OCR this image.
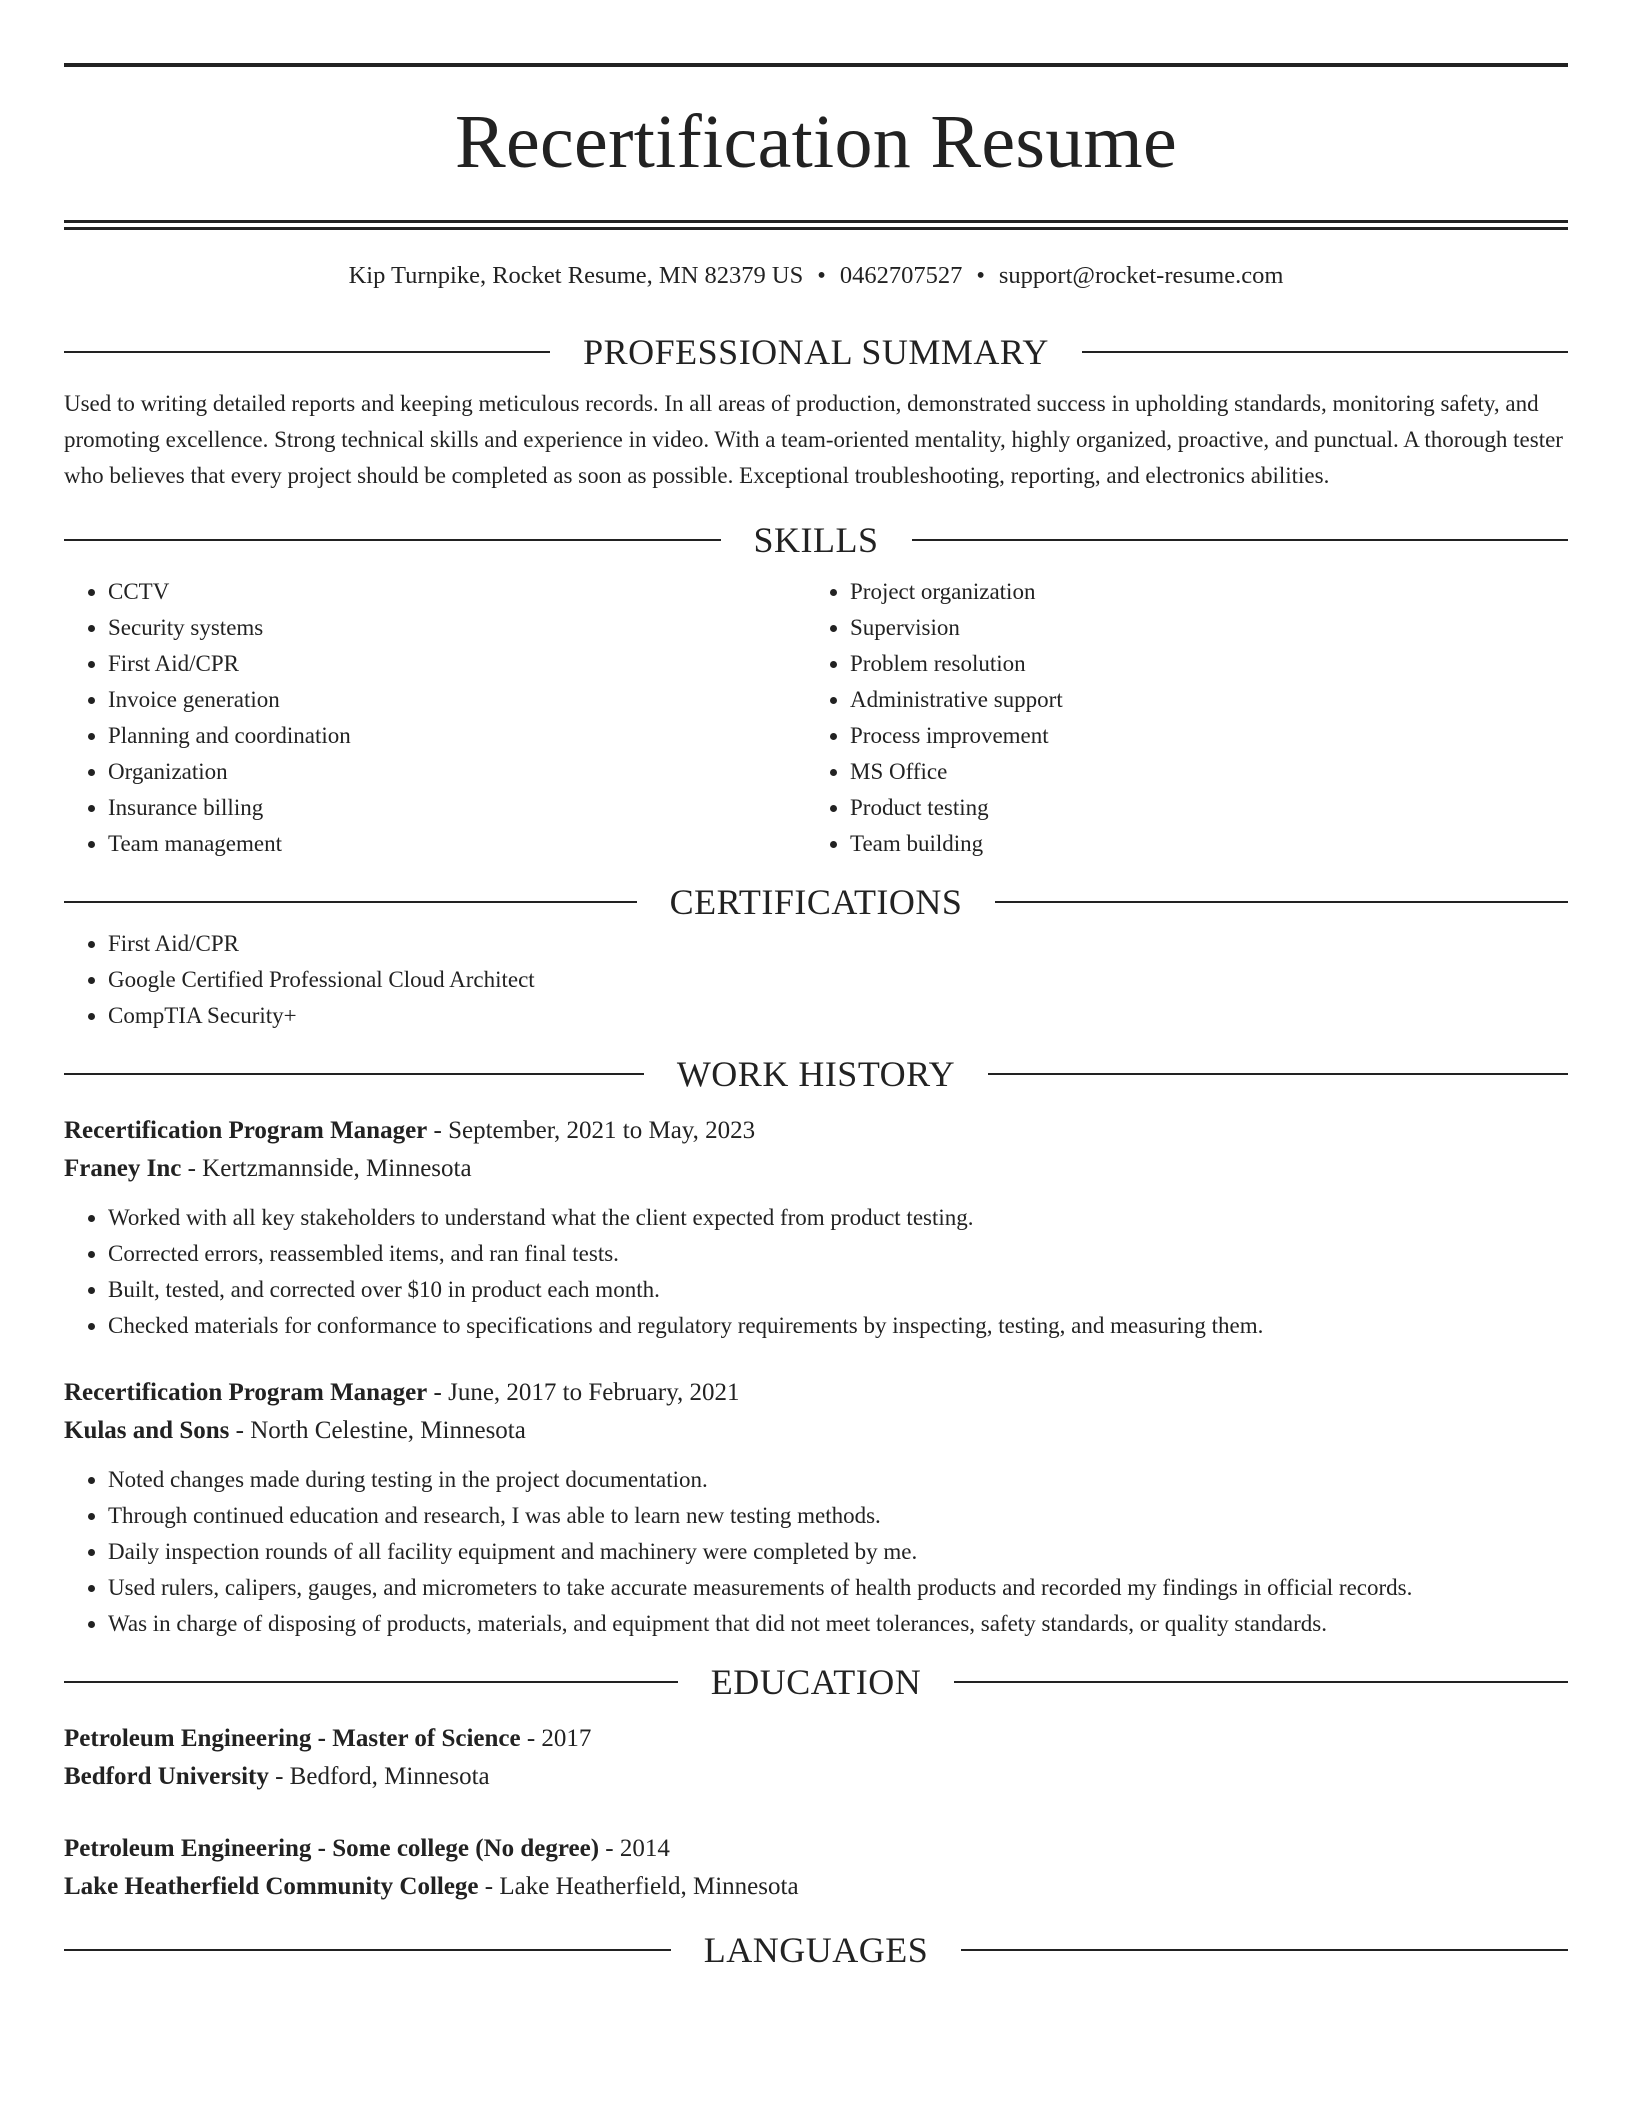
Recertification Resume
Kip Turnpike, Rocket Resume, MN 82379 US • 0462707527 • support@rocket-resume.com
PROFESSIONAL SUMMARY

Used to writing detailed reports and keeping meticulous records. In all areas of production, demonstrated success in upholding standards, monitoring safety, and promoting excellence. Strong technical skills and experience in video. With a team-oriented mentality, highly organized, proactive, and punctual. A thorough tester who believes that every project should be completed as soon as possible. Exceptional troubleshooting, reporting, and electronics abilities.

SKILLS
• CCTV
• Security systems
• First Aid/CPR
• Invoice generation
• Planning and coordination
• Organization
• Insurance billing
• Team management
• Project organization
• Supervision
• Problem resolution
• Administrative support
• Process improvement
• MS Office
• Product testing
• Team building
CERTIFICATIONS
• First Aid/CPR
• Google Certified Professional Cloud Architect
• CompTIA Security+
WORK HISTORY
Recertification Program Manager - September, 2021 to May, 2023
Franey Inc - Kertzmannside, Minnesota
• Worked with all key stakeholders to understand what the client expected from product testing.
• Corrected errors, reassembled items, and ran final tests.
• Built, tested, and corrected over $10 in product each month.
• Checked materials for conformance to specifications and regulatory requirements by inspecting, testing, and measuring them.
Recertification Program Manager - June, 2017 to February, 2021
Kulas and Sons - North Celestine, Minnesota
• Noted changes made during testing in the project documentation.
• Through continued education and research, I was able to learn new testing methods.
• Daily inspection rounds of all facility equipment and machinery were completed by me.
• Used rulers, calipers, gauges, and micrometers to take accurate measurements of health products and recorded my findings in official records.
• Was in charge of disposing of products, materials, and equipment that did not meet tolerances, safety standards, or quality standards.
EDUCATION
Petroleum Engineering - Master of Science - 2017
Bedford University - Bedford, Minnesota
Petroleum Engineering - Some college (No degree) - 2014
Lake Heatherfield Community College - Lake Heatherfield, Minnesota
LANGUAGES
